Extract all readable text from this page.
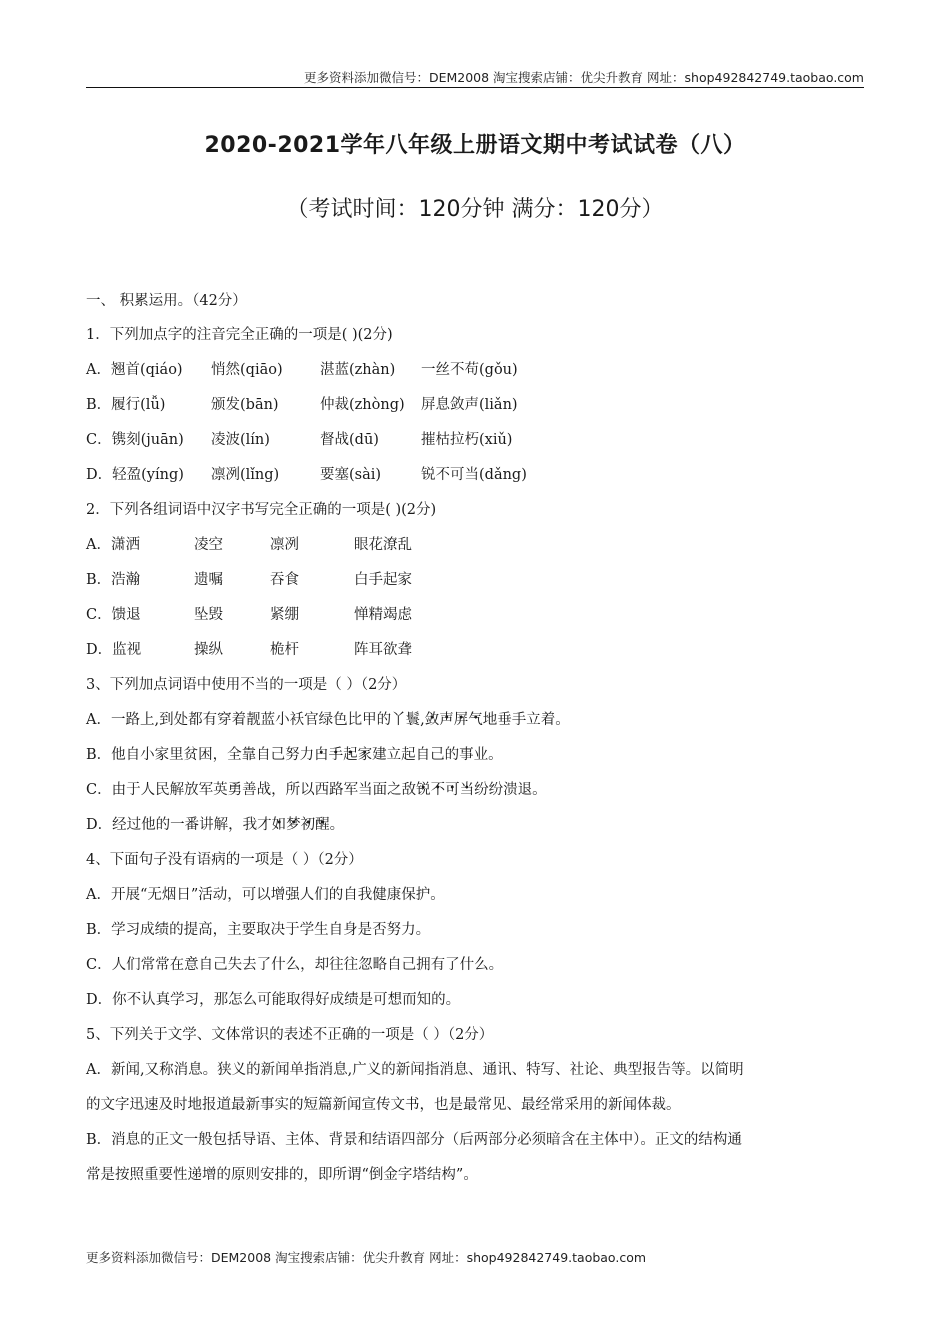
更多资料添加微信号：DEM2008 淘宝搜索店铺：优尖升教育 网址：shop492842749.taobao.com
2020-2021学年八年级上册语文期中考试试卷（八）
（考试时间：120分钟 满分：120分）
一、 积累运用。（42分）
1．下列加点字的注音完全正确的一项是( )(2分)
A．翘首(qiáo)	悄然(qiāo)	湛蓝(zhàn)	一丝不苟(gǒu)
B．履行(lǚ)	颁发(bān)	仲裁(zhòng)	屏息敛声(liǎn)
C．镌刻(juān)	凌波(lín)	督战(dū)	摧枯拉朽(xiǔ)
D．轻盈(yíng)	凛冽(lǐng)	要塞(sài)	锐不可当(dǎng)
2．下列各组词语中汉字书写完全正确的一项是( )(2分)
A．潇洒	凌空	凛冽	眼花潦乱
B．浩瀚	遗嘱	吞食	白手起家
C．馈退	坠毁	紧绷	惮精竭虑
D．监视	操纵	桅杆	阵耳欲聋
3、下列加点词语中使用不当的一项是（ ）（2分）
A．一路上,到处都有穿着靓蓝小袄官绿色比甲的丫鬟,敛声屏气地垂手立着。
B．他自小家里贫困，全靠自己努力白手起家建立起自己的事业。
C．由于人民解放军英勇善战，所以西路军当面之敌锐不可当纷纷溃退。
D．经过他的一番讲解，我才如梦初醒。
4、下面句子没有语病的一项是（ ）（2分）
A．开展“无烟日”活动，可以增强人们的自我健康保护。
B．学习成绩的提高，主要取决于学生自身是否努力。
C．人们常常在意自己失去了什么，却往往忽略自己拥有了什么。
D．你不认真学习，那怎么可能取得好成绩是可想而知的。
5、下列关于文学、文体常识的表述不正确的一项是（ ）（2分）
A．新闻,又称消息。狭义的新闻单指消息,广义的新闻指消息、通讯、特写、社论、典型报告等。以简明
的文字迅速及时地报道最新事实的短篇新闻宣传文书，也是最常见、最经常采用的新闻体裁。
B．消息的正文一般包括导语、主体、背景和结语四部分（后两部分必须暗含在主体中）。正文的结构通
常是按照重要性递增的原则安排的，即所谓“倒金字塔结构”。
更多资料添加微信号：DEM2008 淘宝搜索店铺：优尖升教育 网址：shop492842749.taobao.com
